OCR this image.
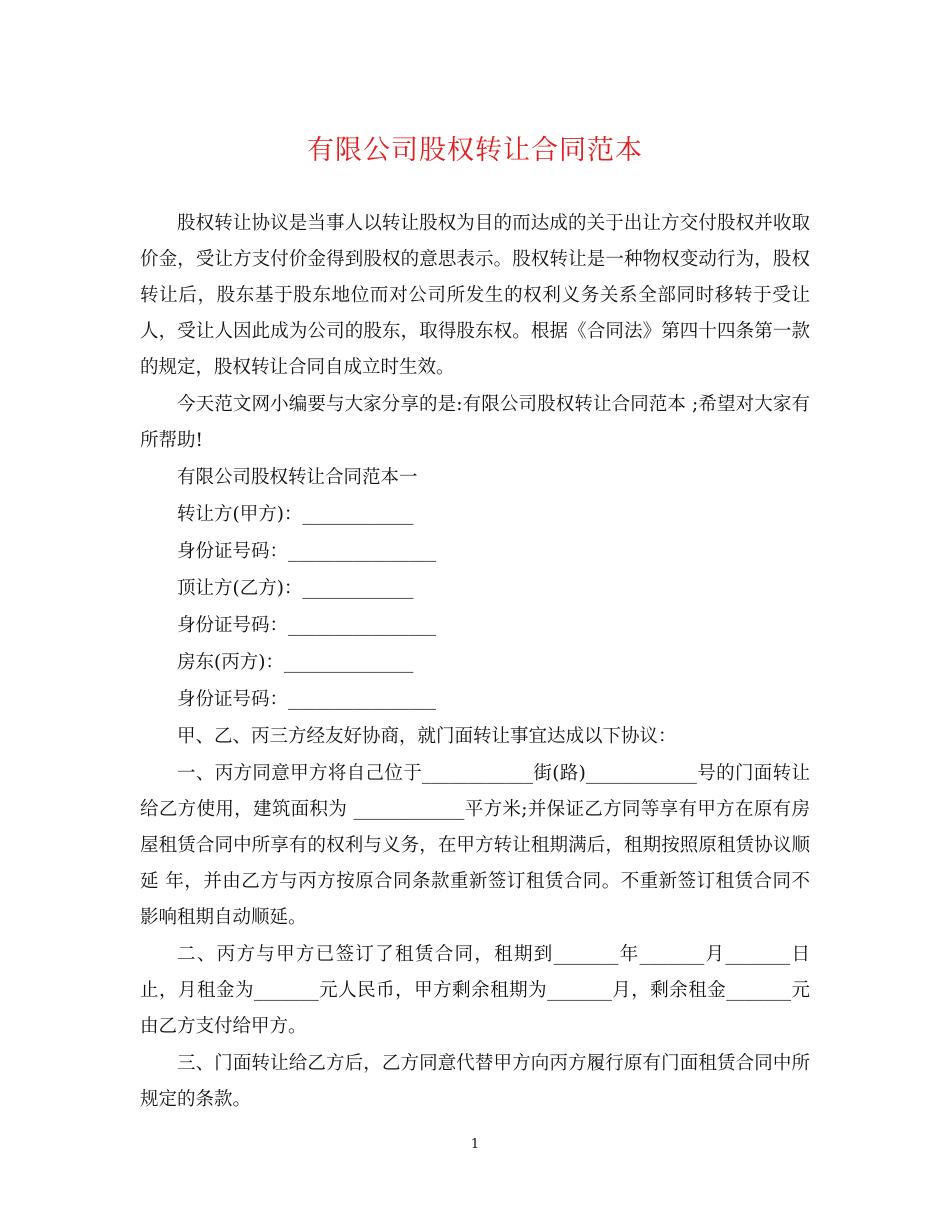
有限公司股权转让合同范本

股权转让协议是当事人以转让股权为目的而达成的关于出让方交付股权并收取价金，受让方支付价金得到股权的意思表示。股权转让是一种物权变动行为，股权转让后，股东基于股东地位而对公司所发生的权利义务关系全部同时移转于受让人，受让人因此成为公司的股东，取得股东权。根据《合同法》第四十四条第一款的规定，股权转让合同自成立时生效。

今天范文网小编要与大家分享的是:有限公司股权转让合同范本 ;希望对大家有所帮助!

有限公司股权转让合同范本一

转让方(甲方)：____________

身份证号码：________________

顶让方(乙方)：____________

身份证号码：________________

房东(丙方)：______________

身份证号码：________________

甲、乙、丙三方经友好协商，就门面转让事宜达成以下协议：

一、丙方同意甲方将自己位于____________街(路)____________号的门面转让给乙方使用，建筑面积为 ____________平方米;并保证乙方同等享有甲方在原有房屋租赁合同中所享有的权利与义务，在甲方转让租期满后，租期按照原租赁协议顺延 年，并由乙方与丙方按原合同条款重新签订租赁合同。不重新签订租赁合同不影响租期自动顺延。

二、丙方与甲方已签订了租赁合同，租期到_______年_______月_______日止，月租金为_______元人民币，甲方剩余租期为_______月，剩余租金_______元由乙方支付给甲方。

三、门面转让给乙方后，乙方同意代替甲方向丙方履行原有门面租赁合同中所规定的条款。

1
